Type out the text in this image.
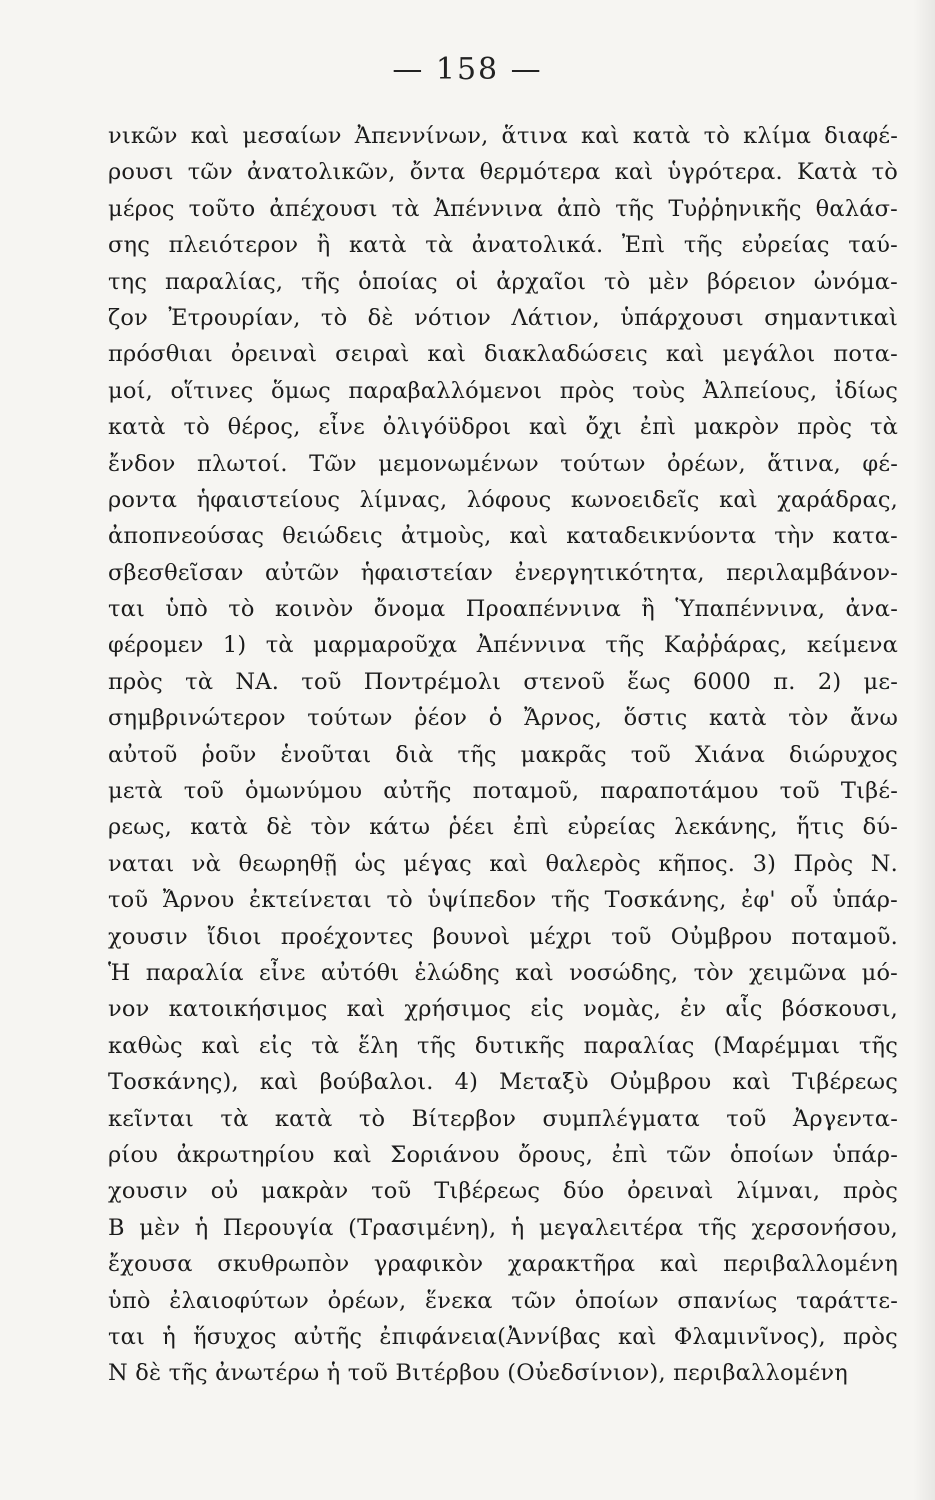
— 158 —
νικῶν καὶ μεσαίων Ἀπεννίνων, ἅτινα καὶ κατὰ τὸ κλίμα διαφέ-
ρουσι τῶν ἀνατολικῶν, ὄντα θερμότερα καὶ ὑγρότερα. Κατὰ τὸ
μέρος τοῦτο ἀπέχουσι τὰ Ἀπέννινα ἀπὸ τῆς Τυῤῥηνικῆς θαλάσ-
σης πλειότερον ἢ κατὰ τὰ ἀνατολικά. Ἐπὶ τῆς εὐρείας ταύ-
της παραλίας, τῆς ὁποίας οἱ ἀρχαῖοι τὸ μὲν βόρειον ὠνόμα-
ζον Ἐτρουρίαν, τὸ δὲ νότιον Λάτιον, ὑπάρχουσι σημαντικαὶ
πρόσθιαι ὀρειναὶ σειραὶ καὶ διακλαδώσεις καὶ μεγάλοι ποτα-
μοί, οἵτινες ὅμως παραβαλλόμενοι πρὸς τοὺς Ἀλπείους, ἰδίως
κατὰ τὸ θέρος, εἶνε ὀλιγόϋδροι καὶ ὄχι ἐπὶ μακρὸν πρὸς τὰ
ἔνδον πλωτοί. Τῶν μεμονωμένων τούτων ὀρέων, ἅτινα, φέ-
ροντα ἡφαιστείους λίμνας, λόφους κωνοειδεῖς καὶ χαράδρας,
ἀποπνεούσας θειώδεις ἀτμοὺς, καὶ καταδεικνύοντα τὴν κατα-
σβεσθεῖσαν αὐτῶν ἡφαιστείαν ἐνεργητικότητα, περιλαμβάνον-
ται ὑπὸ τὸ κοινὸν ὄνομα Προαπέννινα ἢ Ὑπαπέννινα, ἀνα-
φέρομεν 1) τὰ μαρμαροῦχα Ἀπέννινα τῆς Καῤῥάρας, κείμενα
πρὸς τὰ ΝΑ. τοῦ Ποντρέμολι στενοῦ ἕως 6000 π. 2) με-
σημβρινώτερον τούτων ῥέον ὁ Ἄρνος, ὅστις κατὰ τὸν ἄνω
αὐτοῦ ῥοῦν ἑνοῦται διὰ τῆς μακρᾶς τοῦ Χιάνα διώρυχος
μετὰ τοῦ ὁμωνύμου αὐτῆς ποταμοῦ, παραποτάμου τοῦ Τιβέ-
ρεως, κατὰ δὲ τὸν κάτω ῥέει ἐπὶ εὐρείας λεκάνης, ἥτις δύ-
ναται νὰ θεωρηθῇ ὡς μέγας καὶ θαλερὸς κῆπος. 3) Πρὸς Ν.
τοῦ Ἄρνου ἐκτείνεται τὸ ὑψίπεδον τῆς Τοσκάνης, ἐφ' οὗ ὑπάρ-
χουσιν ἴδιοι προέχοντες βουνοὶ μέχρι τοῦ Οὐμβρου ποταμοῦ.
Ἡ παραλία εἶνε αὐτόθι ἑλώδης καὶ νοσώδης, τὸν χειμῶνα μό-
νον κατοικήσιμος καὶ χρήσιμος εἰς νομὰς, ἐν αἷς βόσκουσι,
καθὼς καὶ εἰς τὰ ἕλη τῆς δυτικῆς παραλίας (Μαρέμμαι τῆς
Τοσκάνης), καὶ βούβαλοι. 4) Μεταξὺ Οὐμβρου καὶ Τιβέρεως
κεῖνται τὰ κατὰ τὸ Βίτερβον συμπλέγματα τοῦ Ἀργεντα-
ρίου ἀκρωτηρίου καὶ Σοριάνου ὄρους, ἐπὶ τῶν ὁποίων ὑπάρ-
χουσιν οὐ μακρὰν τοῦ Τιβέρεως δύο ὀρειναὶ λίμναι, πρὸς
Β μὲν ἡ Περουγία (Τρασιμένη), ἡ μεγαλειτέρα τῆς χερσονήσου,
ἔχουσα σκυθρωπὸν γραφικὸν χαρακτῆρα καὶ περιβαλλομένη
ὑπὸ ἐλαιοφύτων ὀρέων, ἕνεκα τῶν ὁποίων σπανίως ταράττε-
ται ἡ ἥσυχος αὐτῆς ἐπιφάνεια(Ἀννίβας καὶ Φλαμινῖνος), πρὸς
Ν δὲ τῆς ἀνωτέρω ἡ τοῦ Βιτέρβου (Οὐεδσίνιον), περιβαλλομένη
